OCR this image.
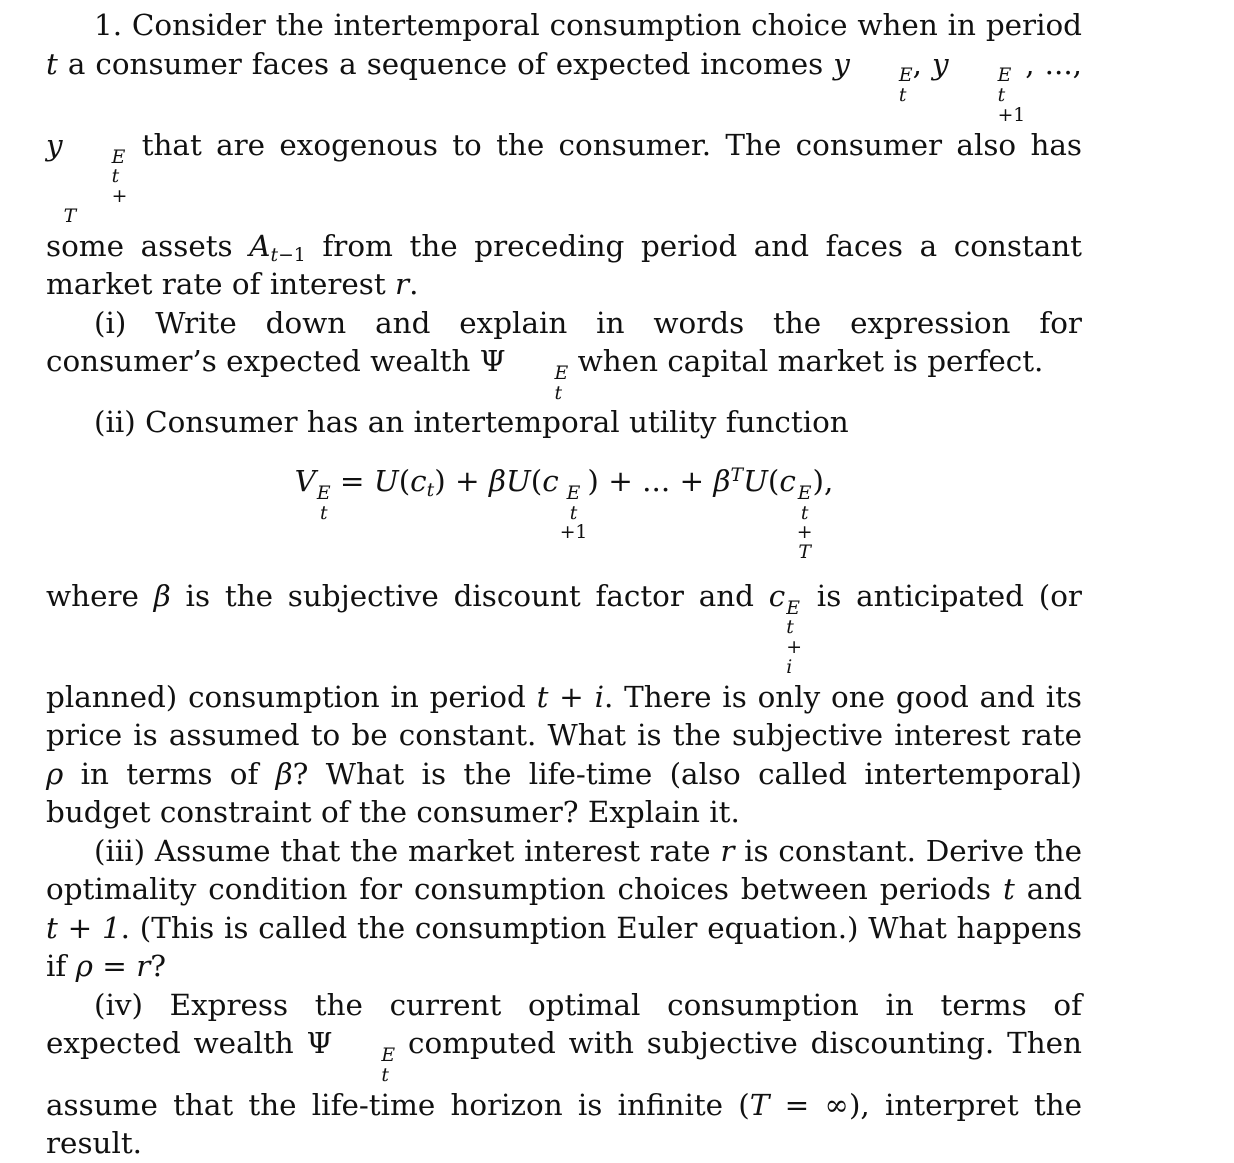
1. Consider the intertemporal consumption choice when in period t a consumer faces a sequence of expected incomes y	E
t
, y	E
t
+1
, ..., y	E
t
+
T
that are exogenous to the consumer. The consumer also has some assets $A_{t-1}$ from the preceding period and faces a constant market rate of interest r.

(i) Write down and explain in words the expression for consumer’s expected wealth Ψ	E
t
when capital market is perfect.

(ii) Consumer has an intertemporal utility function

V E
t
= $U(c_t) + \beta U(c$ E
t
+1
) + ... + $\beta^TU(c$ E
t
+
T
),

where β is the subjective discount factor and c E
t
+
i
is anticipated (or planned) consumption in period t + i. There is only one good and its price is assumed to be constant. What is the subjective interest rate ρ in terms of β? What is the life-time (also called intertemporal) budget constraint of the consumer? Explain it.

(iii) Assume that the market interest rate r is constant. Derive the optimality condition for consumption choices between periods t and t + 1. (This is called the consumption Euler equation.) What happens if ρ = r?

(iv) Express the current optimal consumption in terms of expected wealth Ψ	E
t
computed with subjective discounting. Then assume that the life-time horizon is infinite (T = ∞), interpret the result.
